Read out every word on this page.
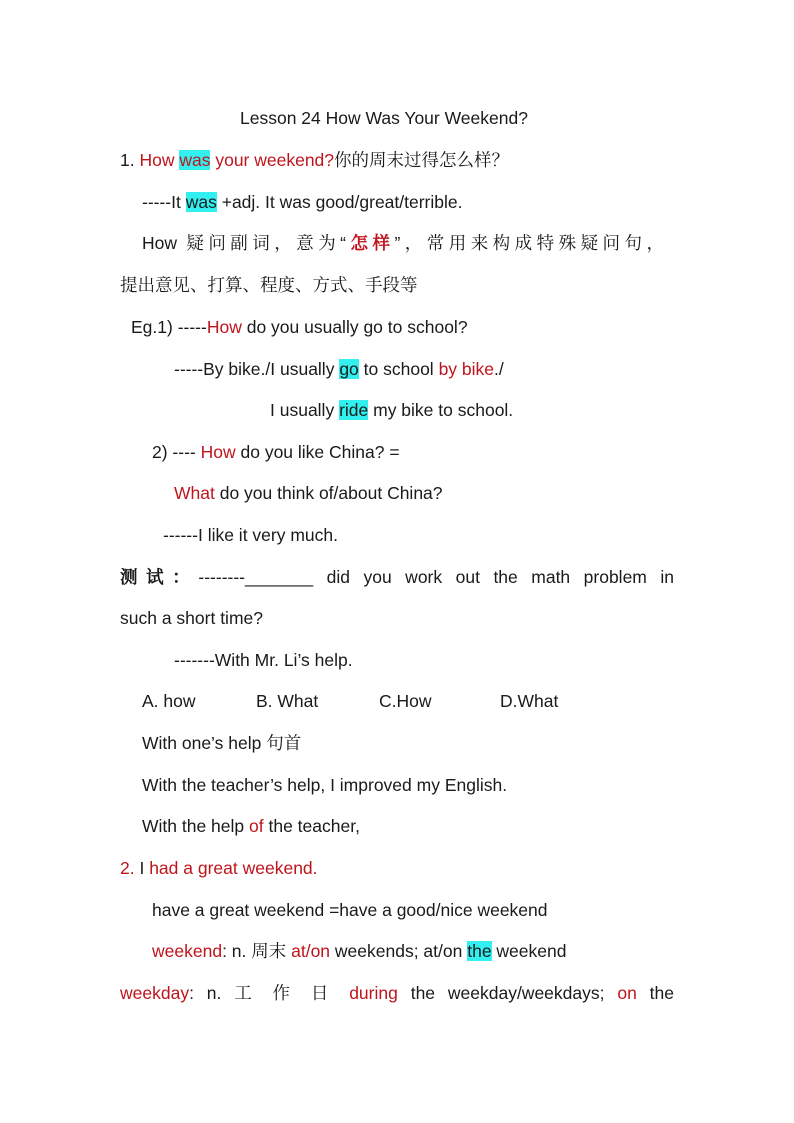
Lesson 24 How Was Your Weekend?
1. How was your weekend?你的周末过得怎么样？
-----It was +adj. It was good/great/terrible.
How 疑问副词，意为“怎样”，常用来构成特殊疑问句，
提出意见、打算、程度、方式、手段等
Eg.1) -----How do you usually go to school?
-----By bike./I usually go to school by bike./
I usually ride my bike to school.
2) ---- How do you like China? =
What do you think of/about China?
------I like it very much.
测试：--------_______ did you work out the math problem in
such a short time?
-------With Mr. Li’s help.
A. how	B. What	C.How	D.What
With one’s help 句首
With the teacher’s help, I improved my English.
With the help of the teacher,
2. I had a great weekend.
have a great weekend =have a good/nice weekend
weekend: n. 周末 at/on weekends; at/on the weekend
weekday: n. 工 作 日 during the weekday/weekdays; on the
